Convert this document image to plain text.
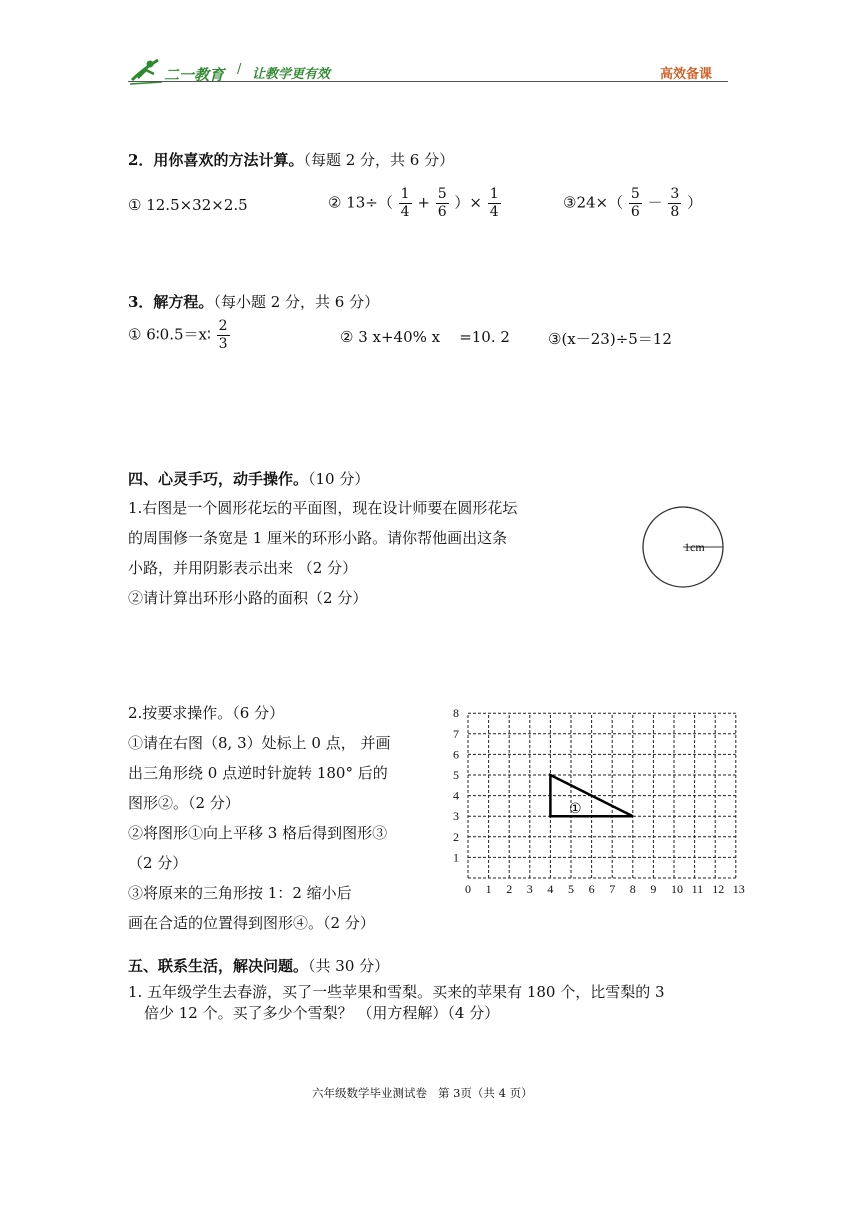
二一教育 / 让教学更有效	高效备课
2．用你喜欢的方法计算。（每题 2 分，共 6 分）
① 12.5×32×2.5	② $13\div( \frac{1}{4} + \frac{5}{6}$ ）× $\frac{1}{4}$	③24×（ $\frac{5}{6} - \frac{3}{8}$ ）
3．解方程。（每小题 2 分，共 6 分）
① 6∶0.5＝x∶ $\frac{2}{3}$	② 3 x+40% x    =10. 2	③(x－23)÷5＝12
四、心灵手巧，动手操作。（10 分）
1.右图是一个圆形花坛的平面图，现在设计师要在圆形花坛
的周围修一条宽是 1 厘米的环形小路。请你帮他画出这条
小路，并用阴影表示出来 （2 分）
②请计算出环形小路的面积（2 分）
1cm
2.按要求操作。（6 分）
①请在右图（8, 3）处标上 0 点， 并画
出三角形绕 0 点逆时针旋转 180° 后的
图形②。（2 分）
②将图形①向上平移 3 格后得到图形③
（2 分）
③将原来的三角形按 1：2 缩小后
画在合适的位置得到图形④。（2 分）
0 1 2 3 4 5 6 7 8 9 10 11 12 13
1
2
3
4
5
6
7
8
①
五、联系生活，解决问题。（共 30 分）
1. 五年级学生去春游，买了一些苹果和雪梨。买来的苹果有 180 个，比雪梨的 3
倍少 12 个。买了多少个雪梨？ （用方程解）（4 分）
六年级数学毕业测试卷   第 3页（共 4 页）
